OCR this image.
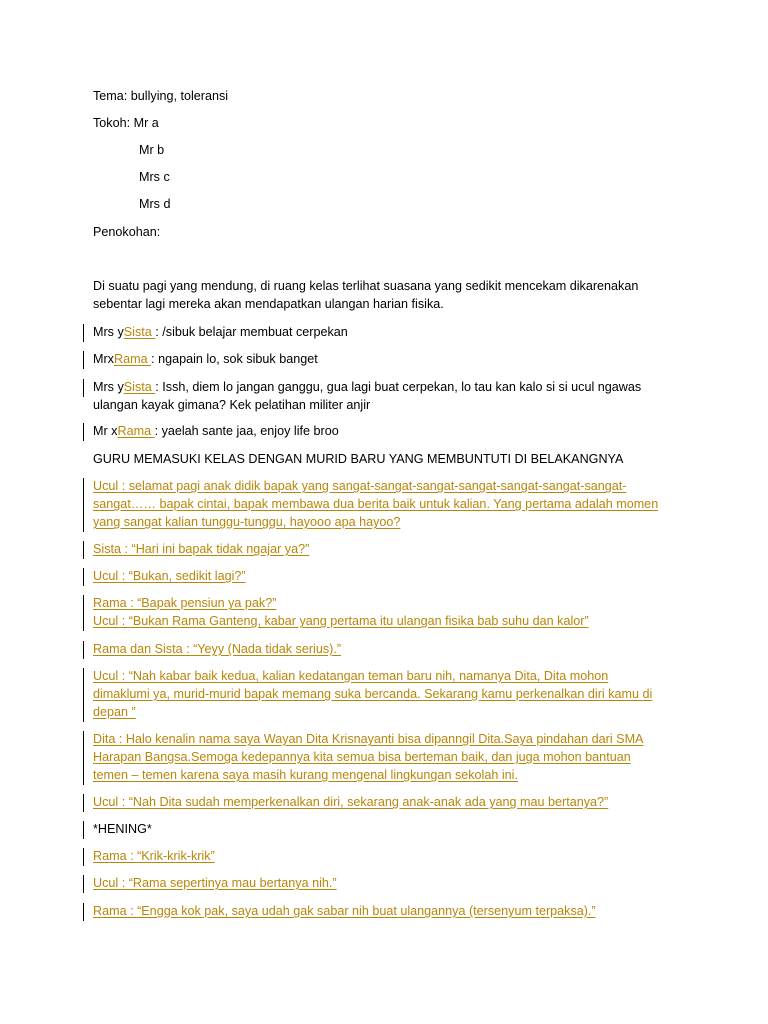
Tema: bullying, toleransi
Tokoh: Mr a
Mr b
Mrs c
Mrs d
Penokohan:
Di suatu pagi yang mendung, di ruang kelas terlihat suasana yang sedikit mencekam dikarenakan
sebentar lagi mereka akan mendapatkan ulangan harian fisika.
Mrs ySista : /sibuk belajar membuat cerpekan
MrxRama : ngapain lo, sok sibuk banget
Mrs ySista : Issh, diem lo jangan ganggu, gua lagi buat cerpekan, lo tau kan kalo si si ucul ngawas
ulangan kayak gimana? Kek pelatihan militer anjir
Mr xRama : yaelah sante jaa, enjoy life broo
GURU MEMASUKI KELAS DENGAN MURID BARU YANG MEMBUNTUTI DI BELAKANGNYA
Ucul : selamat pagi anak didik bapak yang sangat-sangat-sangat-sangat-sangat-sangat-sangat-
sangat…… bapak cintai, bapak membawa dua berita baik untuk kalian. Yang pertama adalah momen
yang sangat kalian tunggu-tunggu, hayooo apa hayoo?
Sista : “Hari ini bapak tidak ngajar ya?”
Ucul : “Bukan, sedikit lagi?”
Rama : “Bapak pensiun ya pak?”
Ucul : “Bukan Rama Ganteng, kabar yang pertama itu ulangan fisika bab suhu dan kalor”
Rama dan Sista : “Yeyy (Nada tidak serius).”
Ucul : “Nah kabar baik kedua, kalian kedatangan teman baru nih, namanya Dita, Dita mohon
dimaklumi ya, murid-murid bapak memang suka bercanda. Sekarang kamu perkenalkan diri kamu di
depan ”
Dita : Halo kenalin nama saya Wayan Dita Krisnayanti bisa dipanngil Dita.Saya pindahan dari SMA
Harapan Bangsa.Semoga kedepannya kita semua bisa berteman baik, dan juga mohon bantuan
temen – temen karena saya masih kurang mengenal lingkungan sekolah ini.
Ucul : “Nah Dita sudah memperkenalkan diri, sekarang anak-anak ada yang mau bertanya?”
*HENING*
Rama : “Krik-krik-krik”
Ucul : “Rama sepertinya mau bertanya nih.”
Rama : “Engga kok pak, saya udah gak sabar nih buat ulangannya (tersenyum terpaksa).”
